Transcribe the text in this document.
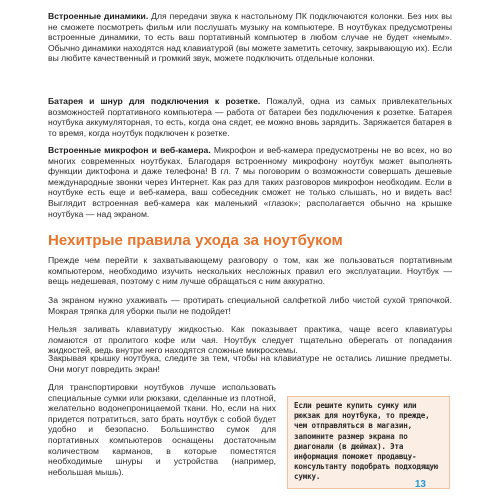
Встроенные динамики. Для передачи звука к настольному ПК подключаются колонки. Без них вы не сможете посмотреть фильм или послушать музыку на компьютере. В ноутбуках предусмотрены встроенные динамики, то есть ваш портативный компьютер в любом случае не будет «немым». Обычно динамики находятся над клавиатурой (вы можете заметить сеточку, закрывающую их). Если вы любите качественный и громкий звук, можете подключить отдельные колонки.

Батарея и шнур для подключения к розетке. Пожалуй, одна из самых привлекательных возможностей портативного компьютера — работа от батареи без подключения к розетке. Батарея ноутбука аккумуляторная, то есть, когда она сядет, ее можно вновь зарядить. Заряжается батарея в то время, когда ноутбук подключен к розетке.

Встроенные микрофон и веб-камера. Микрофон и веб-камера предусмотрены не во всех, но во многих современных ноутбуках. Благодаря встроенному микрофону ноутбук может выполнять функции диктофона и даже телефона! В гл. 7 мы поговорим о возможности совершать дешевые международные звонки через Интернет. Как раз для таких разговоров микрофон необходим. Если в ноутбуке есть еще и веб-камера, ваш собеседник сможет не только слышать, но и видеть вас! Выглядит встроенная веб-камера как маленький «глазок»; располагается обычно на крышке ноутбука — над экраном.

Нехитрые правила ухода за ноутбуком

Прежде чем перейти к захватывающему разговору о том, как же пользоваться портативным компьютером, необходимо изучить нескольких несложных правил его эксплуатации. Ноутбук — вещь недешевая, поэтому с ним лучше обращаться с ним аккуратно.

За экраном нужно ухаживать — протирать специальной салфеткой либо чистой сухой тряпочкой. Мокрая тряпка для уборки пыли не подойдет!

Нельзя заливать клавиатуру жидкостью. Как показывает практика, чаще всего клавиатуры ломаются от пролитого кофе или чая. Ноутбук следует тщательно оберегать от попадания жидкостей, ведь внутри него находятся сложные микросхемы.

Закрывая крышку ноутбука, следите за тем, чтобы на клавиатуре не остались лишние предметы. Они могут повредить экран!

Для транспортировки ноутбуков лучше использовать специальные сумки или рюкзаки, сделанные из плотной, желательно водонепроницаемой ткани. Но, если на них придется потратиться, зато брать ноутбук с собой будет удобно и безопасно. Большинство сумок для портативных компьютеров оснащены достаточным количеством карманов, в которые поместятся необходимые шнуры и устройства (например, небольшая мышь).

Если решите купить сумку или рюкзак для ноутбука, то прежде, чем отправляться в магазин, запомните размер экрана по диагонали (в дюймах). Эта информация поможет продавцу-консультанту подобрать подходящую сумку.

13
